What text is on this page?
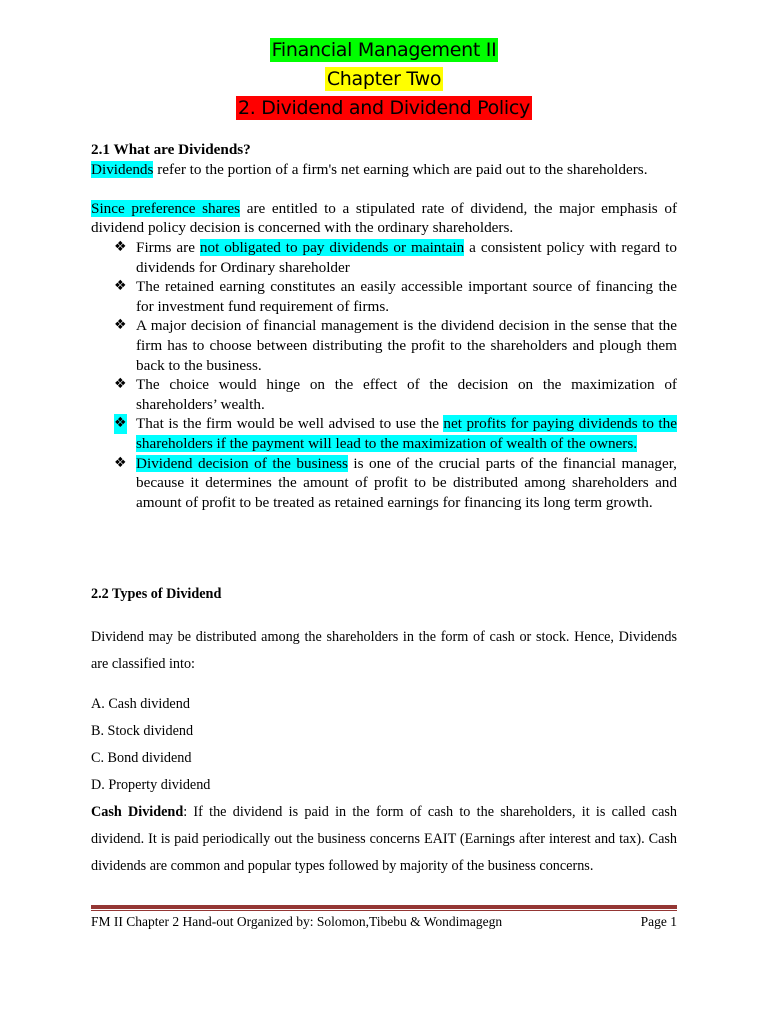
Financial Management II
Chapter Two
2. Dividend and Dividend Policy

2.1 What are Dividends?

Dividends refer to the portion of a firm's net earning which are paid out to the shareholders.

Since preference shares are entitled to a stipulated rate of dividend, the major emphasis of dividend policy decision is concerned with the ordinary shareholders.

❖ Firms are not obligated to pay dividends or maintain a consistent policy with regard to dividends for Ordinary shareholder
❖ The retained earning constitutes an easily accessible important source of financing the for investment fund requirement of firms.
❖ A major decision of financial management is the dividend decision in the sense that the firm has to choose between distributing the profit to the shareholders and plough them back to the business.
❖ The choice would hinge on the effect of the decision on the maximization of shareholders’ wealth.
❖ That is the firm would be well advised to use the net profits for paying dividends to the shareholders if the payment will lead to the maximization of wealth of the owners.
❖ Dividend decision of the business is one of the crucial parts of the financial manager, because it determines the amount of profit to be distributed among shareholders and amount of profit to be treated as retained earnings for financing its long term growth.

2.2 Types of Dividend

Dividend may be distributed among the shareholders in the form of cash or stock. Hence, Dividends are classified into:

A. Cash dividend

B. Stock dividend

C. Bond dividend

D. Property dividend

Cash Dividend: If the dividend is paid in the form of cash to the shareholders, it is called cash dividend. It is paid periodically out the business concerns EAIT (Earnings after interest and tax). Cash dividends are common and popular types followed by majority of the business concerns.

FM II Chapter 2 Hand-out Organized by: Solomon,Tibebu & Wondimagegn	Page 1
